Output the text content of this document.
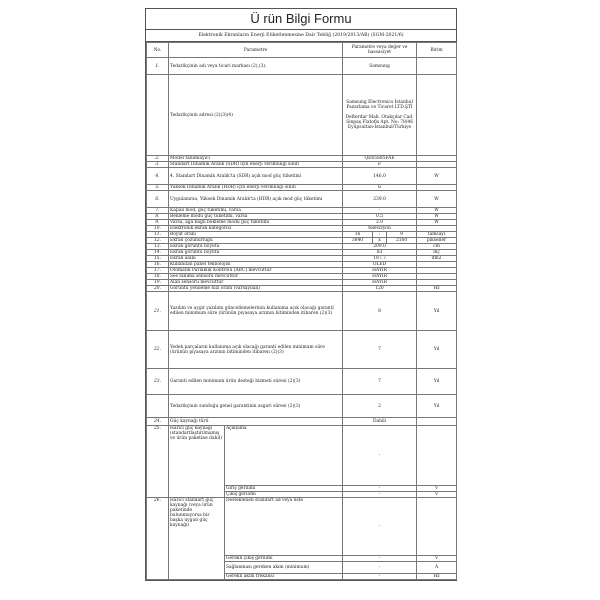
Ü rün Bilgi Formu
Elektronik Ekranların Enerji Etiketlenmesine Dair Tebliğ (2019/2013/AB) (SGM-2021/6)
No.	Parametre		Parametre veya değer ve hassasiyet			Birim
1.	Tedarikçinin adı veya ticari markası (2),(3).		Samsung			
	Tedarikçinin adresi (2)(3)(4)		Samsung Electronics İstanbul Pazarlama ve Ticaret LTD.ŞTİ

Defterdar Mah. Otakçılar Cad. Sinpaş Flatofis Apt. No: 78/46 Eyüpsultan-İstanbul/Türkiye			
2.	Model tanımlayıcı		QE65S85FAE			
3.	Standart Dinamik Aralık (SDR) için enerji verimliliği sınıfı		F			
4.	4. Standart Dinamik Aralık'ta (SDR) açık mod güç tüketimi		146.0			W
5.	Yüksek Dinamik Aralık (HDR) için enerji verimliliği sınıfı		G			
6.	Uygulanırsa, Yüksek Dinamik Aralık'ta (HDR) açık mod güç tüketimi		239.0			W
7.	Kapalı mod, güç tüketimi, varsa		-			W
8.	Bekleme modu güç tüketimi, varsa		0.5			W
9.	Varsa, ağa bağlı bekleme modu güç tüketimi		2.0			W
10.	Elektronik ekran kategorisi		televizyon			
11.	Boyut oranı		16	:	9	tamsayı
12.	Ekran çözünürlüğü		3840	x	2160	pikseller
13.	Ekran görüntü boyutu		209.0			cm
14.	Ekran görüntü boyutu		83			inç
15.	Ekran alanı		187.7			dm2
16.	Kullanılan panel teknolojisi		OLED			
17.	Otomatik Parlaklık Kontrolü (ABC) mevcuttur		HAYIR			
18.	Ses tanıma sensörü mevcuttur		HAYIR			
19.	Alan sensörü mevcuttur		HAYIR			
20.	Görüntü yenileme hızı oranı (varsayılan)		120			Hz
21.	Yazılım ve aygıt yazılımı güncellemelerinin kullanıma açık olacağı garanti edilen minimum süre (ürünün piyasaya arzının bitiminden itibaren (2)(3)		8			Yıl
22.	Yedek parçaların kullanıma açık olacağı garanti edilen minimum süre (ürünün piyasaya arzının bitiminden itibaren (2)(3)		7			Yıl
23.	Garanti edilen minimum ürün desteği hizmeti süresi (2)(3)		7			Yıl
	Tedarikçinin sunduğu genel garantinin asgari süresi (2)(3)		2			Yıl
24.	Güç kaynağı türü		Dahili			
25.	Harici güç kaynağı (standartlaştırılmamış ve ürün paketine dahil)	Açıklama	-			
		Giriş gerilimi	-			V
		Çıkış gerilimi	-			V
26.	Harici standart güç kaynağı (veya ürün paketinde bulunmuyorsa bir başka uygun güç kaynağı)	Desteklenen standart ad veya liste	-			
		Gerekli çıkış gerilimi	-			V
		Sağlanması gereken akım (minimum)	-			A
		Gerekli akım frekansı	-			Hz
